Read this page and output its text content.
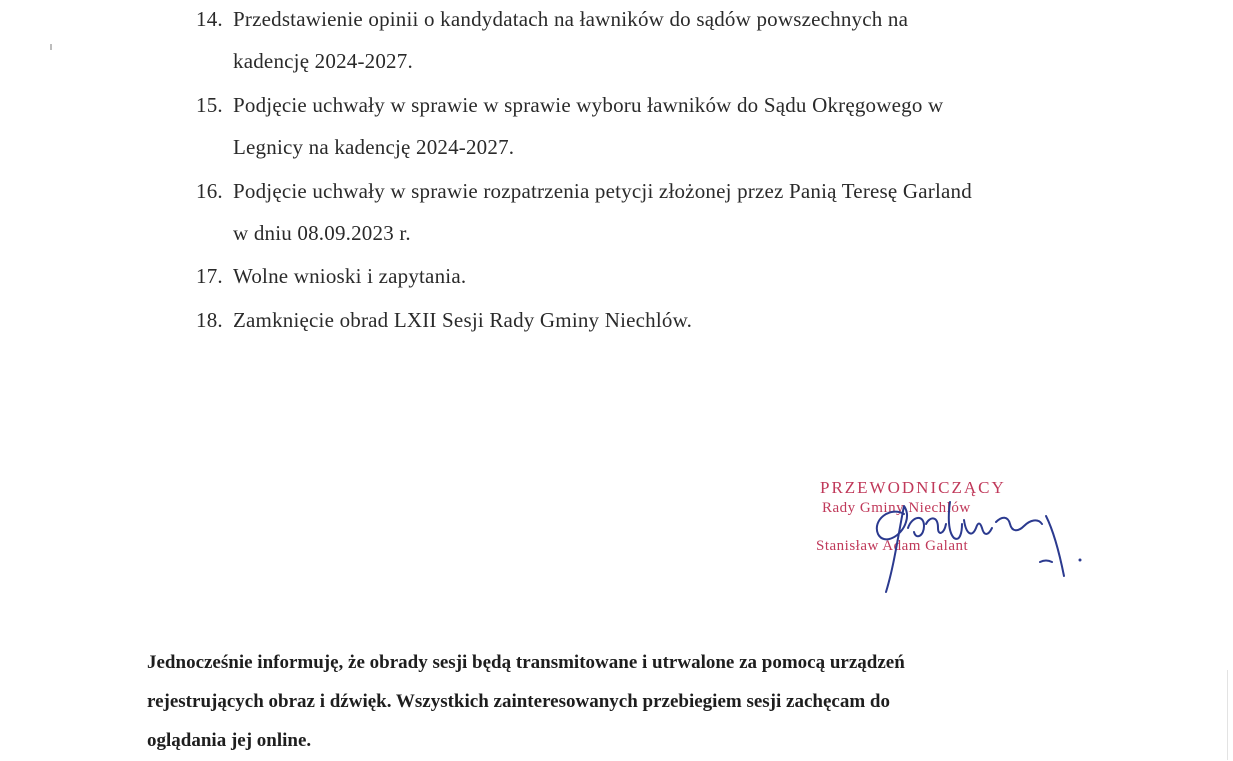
14. Przedstawienie opinii o kandydatach na ławników do sądów powszechnych na
kadencję 2024-2027.
15. Podjęcie uchwały w sprawie w sprawie wyboru ławników do Sądu Okręgowego w
Legnicy na kadencję 2024-2027.
16. Podjęcie uchwały w sprawie rozpatrzenia petycji złożonej przez Panią Teresę Garland
w dniu 08.09.2023 r.
17. Wolne wnioski i zapytania.
18. Zamknięcie obrad LXII Sesji Rady Gminy Niechlów.
PRZEWODNICZĄCY
Rady Gminy Niechlów
Stanisław Adam Galant
Jednocześnie informuję, że obrady sesji będą transmitowane i utrwalone za pomocą urządzeń
rejestrujących obraz i dźwięk. Wszystkich zainteresowanych przebiegiem sesji zachęcam do
oglądania jej online.
